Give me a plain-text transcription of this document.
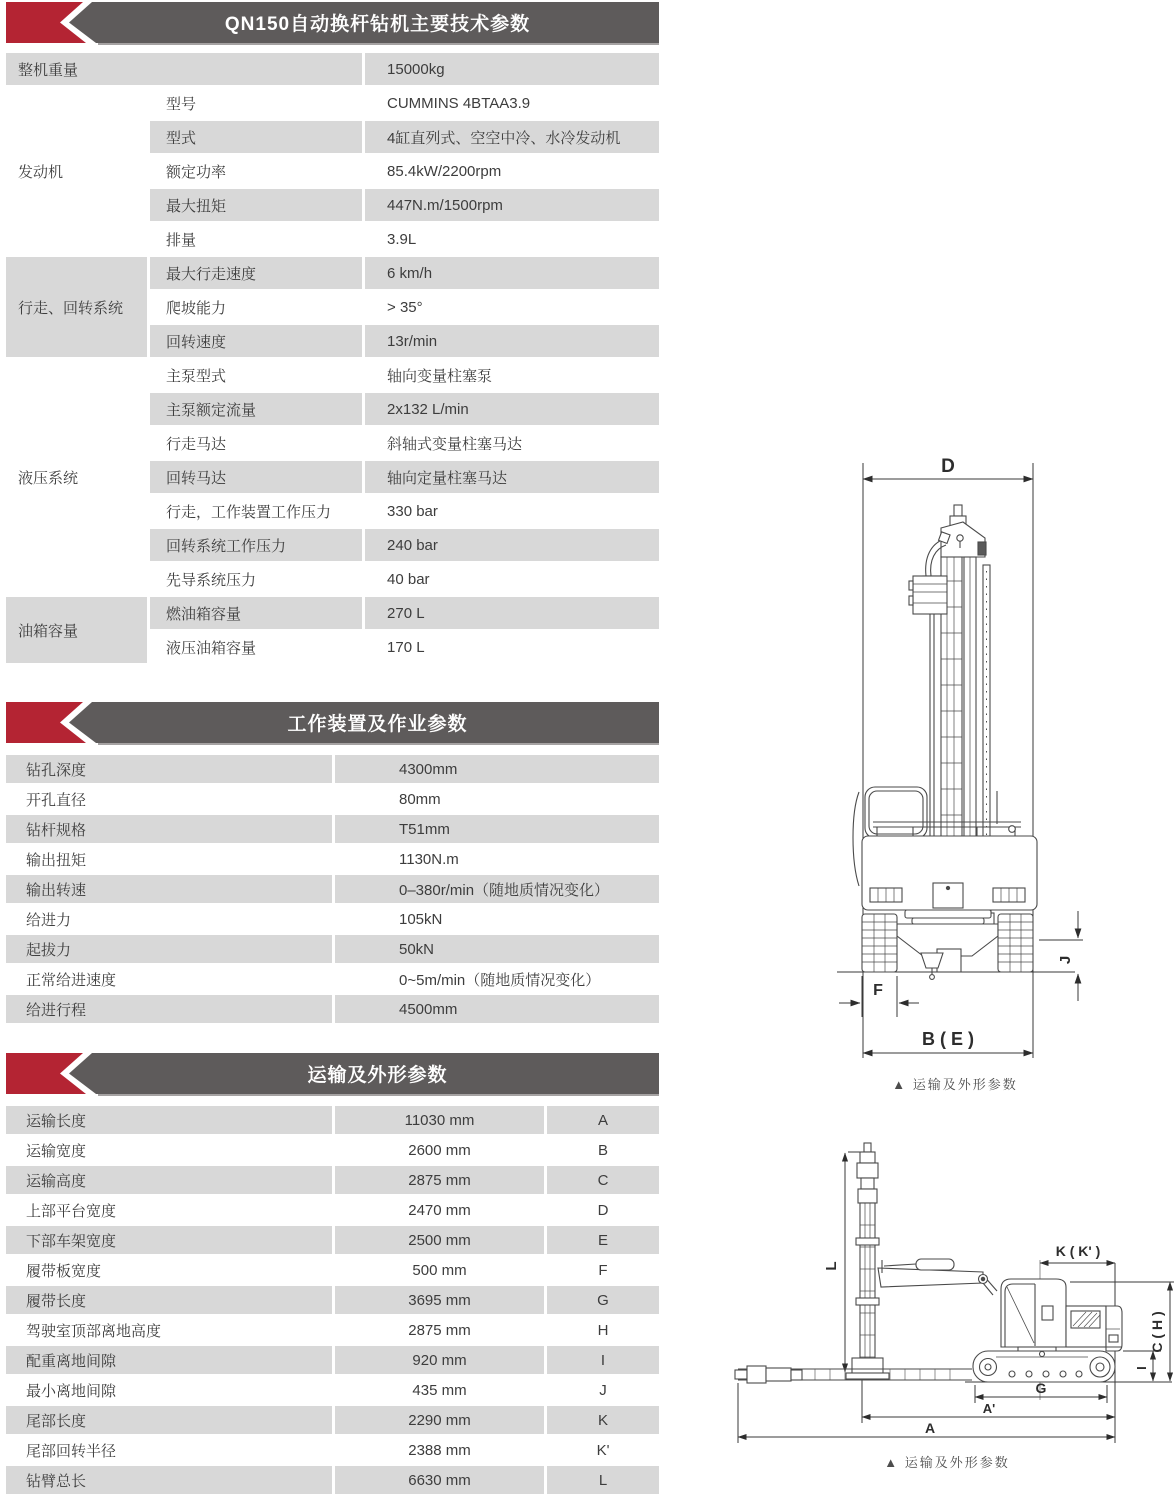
QN150自动换杆钻机主要技术参数
整机重量		15000kg
发动机	型号	CUMMINS 4BTAA3.9
	型式	4缸直列式、空空中冷、水冷发动机
	额定功率	85.4kW/2200rpm
	最大扭矩	447N.m/1500rpm
	排量	3.9L
行走、回转系统	最大行走速度	6 km/h
	爬坡能力	> 35°
	回转速度	13r/min
液压系统	主泵型式	轴向变量柱塞泵
	主泵额定流量	2x132 L/min
	行走马达	斜轴式变量柱塞马达
	回转马达	轴向定量柱塞马达
	行走，工作装置工作压力	330 bar
	回转系统工作压力	240 bar
	先导系统压力	40 bar
油箱容量	燃油箱容量	270 L
	液压油箱容量	170 L
工作装置及作业参数
钻孔深度	4300mm
开孔直径	80mm
钻杆规格	T51mm
输出扭矩	1130N.m
输出转速	0–380r/min（随地质情况变化）
给进力	105kN
起拔力	50kN
正常给进速度	0~5m/min（随地质情况变化）
给进行程	4500mm
运输及外形参数
运输长度	11030 mm	A
运输宽度	2600 mm	B
运输高度	2875 mm	C
上部平台宽度	2470 mm	D
下部车架宽度	2500 mm	E
履带板宽度	500 mm	F
履带长度	3695 mm	G
驾驶室顶部离地高度	2875 mm	H
配重离地间隙	920 mm	I
最小离地间隙	435 mm	J
尾部长度	2290 mm	K
尾部回转半径	2388 mm	K'
钻臂总长	6630 mm	L
D
F
J
B ( E )
▲ 运输及外形参数
L
K ( K' )
C ( H )
I
G
A'
A
▲ 运输及外形参数
